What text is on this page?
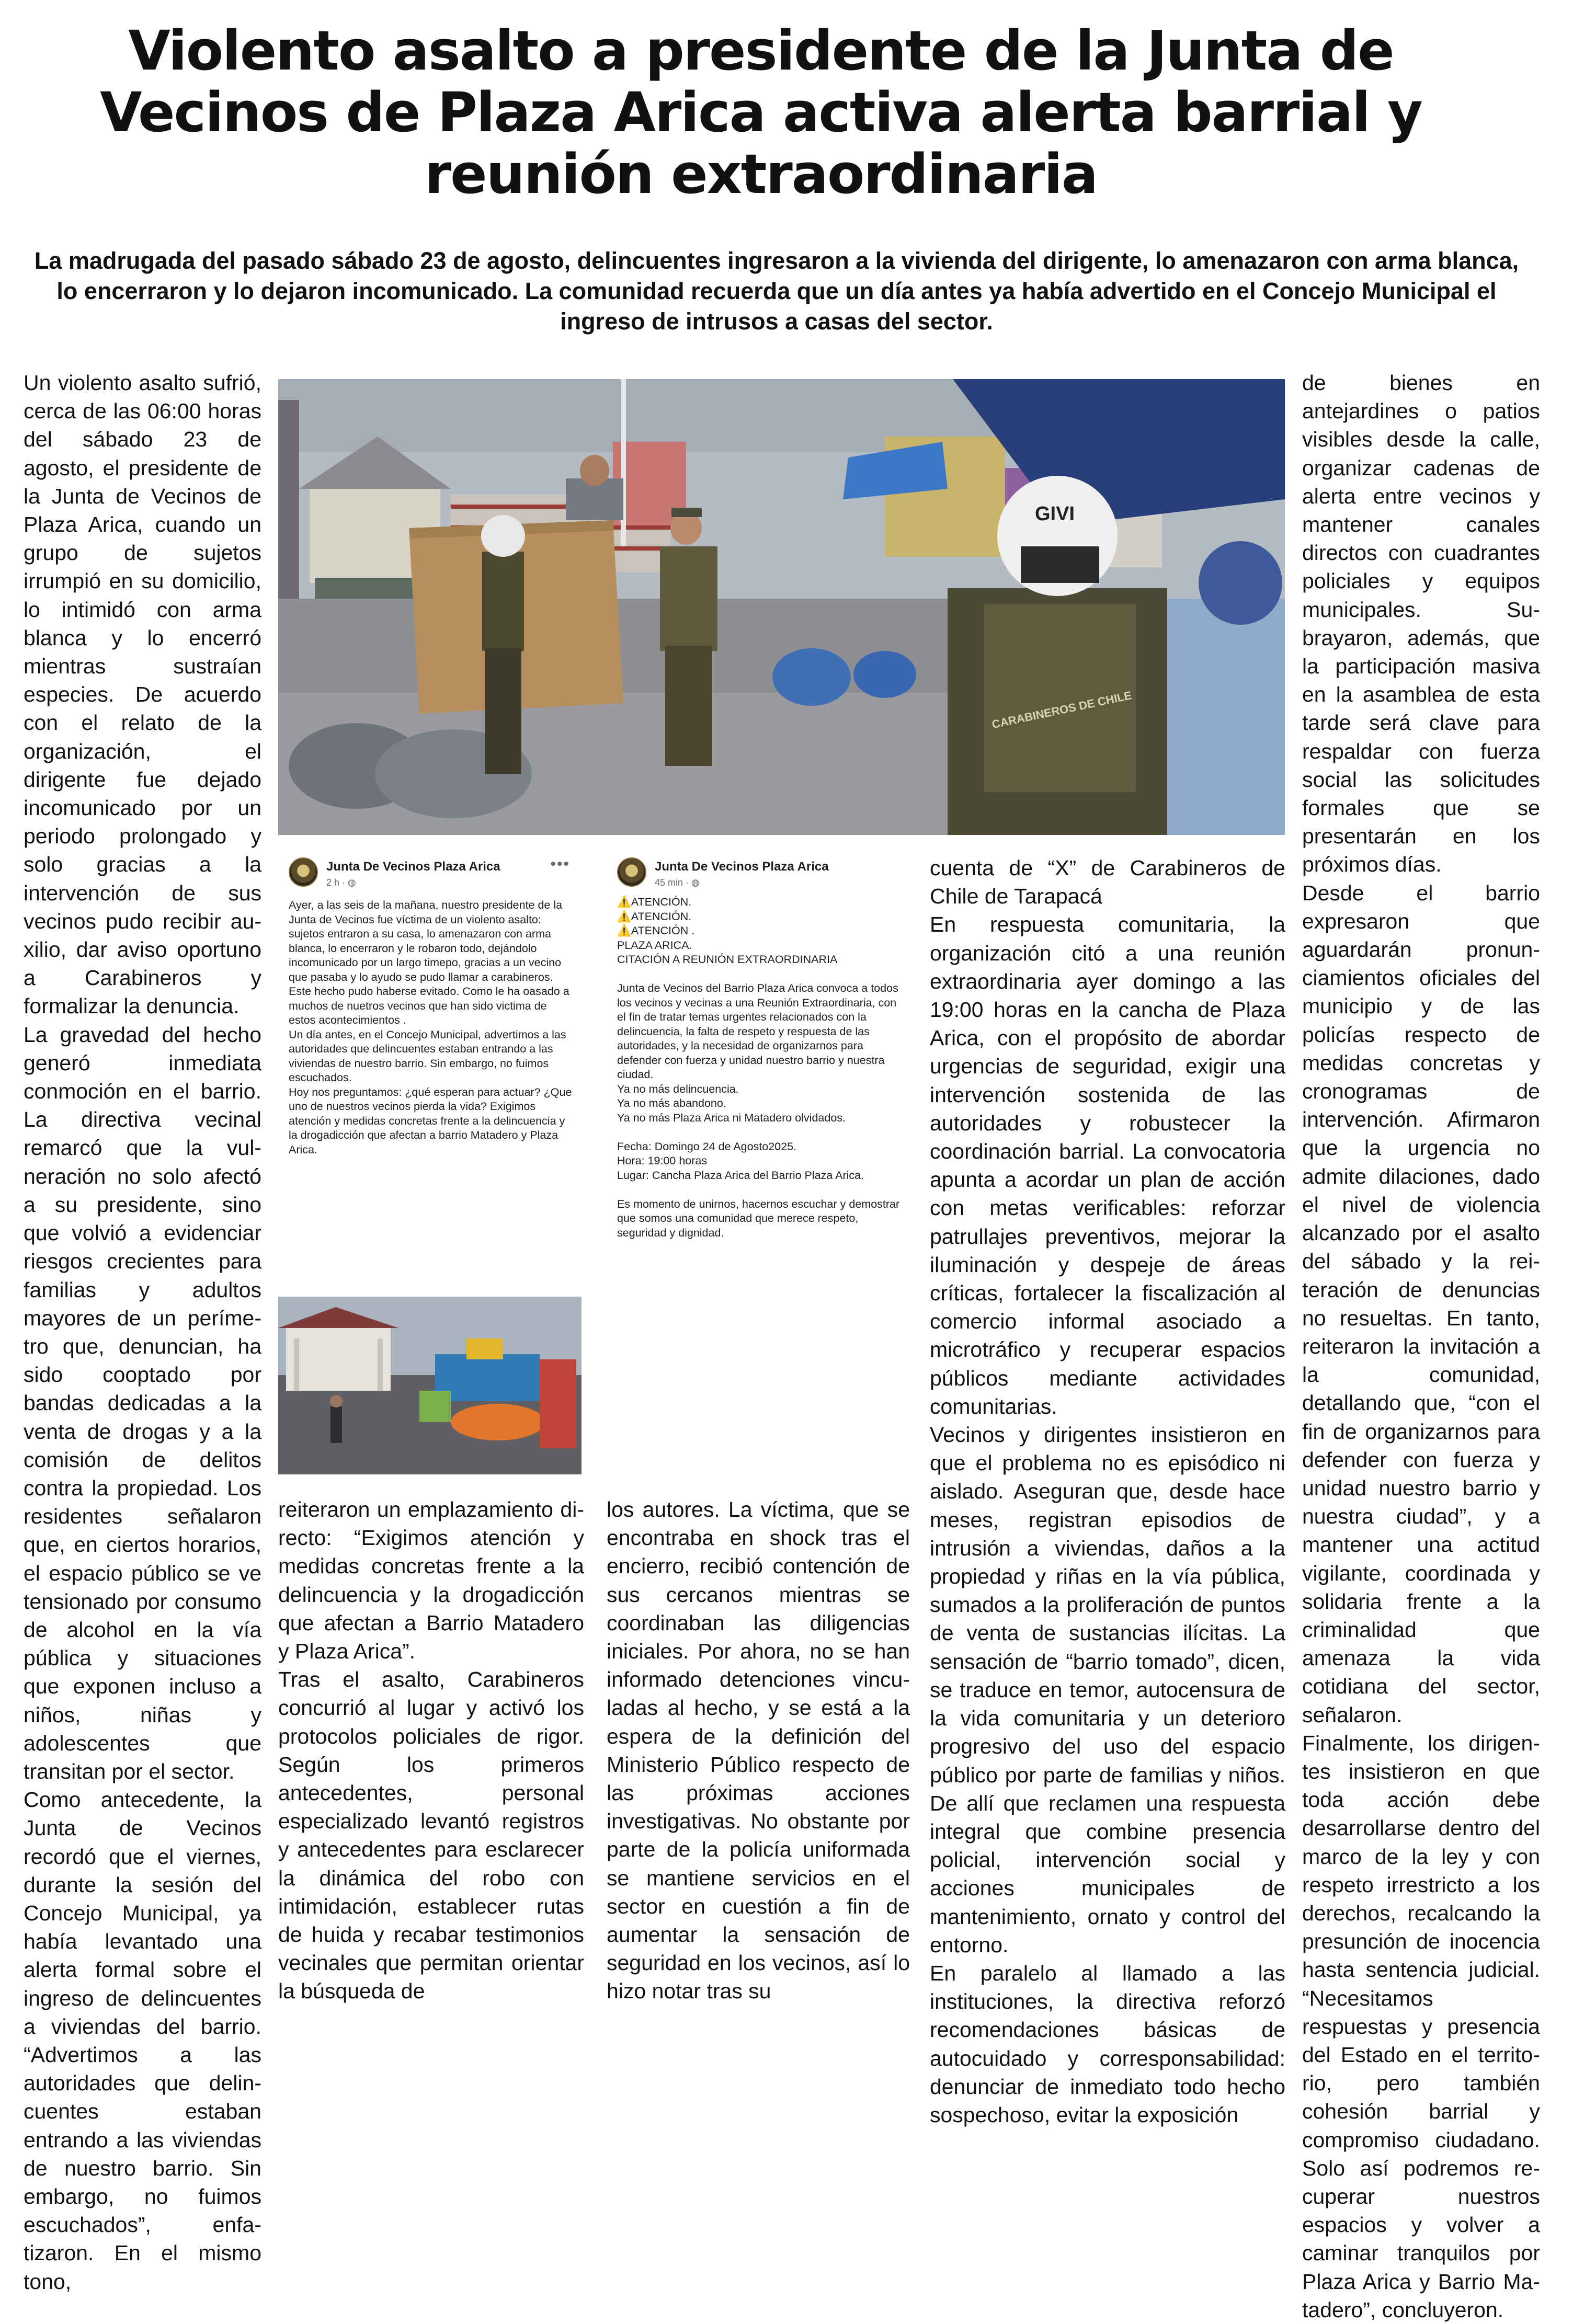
Violento asalto a presidente de la Junta de Vecinos de Plaza Arica activa alerta barrial y reunión extraordinaria

La madrugada del pasado sábado 23 de agosto, delincuentes ingresaron a la vivienda del dirigente, lo amenazaron con arma blanca, lo encerraron y lo dejaron incomunicado. La comunidad recuerda que un día antes ya había advertido en el Concejo Municipal el ingreso de intrusos a casas del sector.

Un violento asalto sufrió, cerca de las 06:00 horas del sábado 23 de agosto, el presidente de la Junta de Vecinos de Plaza Arica, cuando un grupo de sujetos irrumpió en su domicilio, lo intimidó con arma blanca y lo encerró mientras sustraían especies. De acuerdo con el relato de la organización, el dirigente fue dejado incomunicado por un periodo prolongado y solo gracias a la intervención de sus vecinos pudo recibir auxilio, dar aviso oportuno a Carabineros y formalizar la denuncia.
La gravedad del hecho generó inmediata conmoción en el barrio. La directiva vecinal remarcó que la vulneración no solo afectó a su presidente, sino que volvió a evidenciar riesgos crecientes para familias y adultos mayores de un perímetro que, denuncian, ha sido cooptado por bandas dedicadas a la venta de drogas y a la comisión de delitos contra la propiedad. Los residentes señalaron que, en ciertos horarios, el espacio público se ve tensionado por consumo de alcohol en la vía pública y situaciones que exponen incluso a niños, niñas y adolescentes que transitan por el sector.
Como antecedente, la Junta de Vecinos recordó que el viernes, durante la sesión del Concejo Municipal, ya había levantado una alerta formal sobre el ingreso de delincuentes a viviendas del barrio. “Advertimos a las autoridades que delincuentes estaban entrando a las viviendas de nuestro barrio. Sin embargo, no fuimos escuchados”, enfatizaron. En el mismo tono,
GIVI
CARABINEROS DE CHILE
Junta De Vecinos Plaza Arica
2 h · ◍
•••
Ayer, a las seis de la mañana, nuestro presidente de la Junta de Vecinos fue víctima de un violento asalto: sujetos entraron a su casa, lo amenazaron con arma blanca, lo encerraron y le robaron todo, dejándolo incomunicado por un largo timepo, gracias a un vecino que pasaba y lo ayudo se pudo llamar a carabineros.
Este hecho pudo haberse evitado. Como le ha oasado a muchos de nuetros vecinos que han sido victima de estos acontecimientos .
Un día antes, en el Concejo Municipal, advertimos a las autoridades que delincuentes estaban entrando a las viviendas de nuestro barrio. Sin embargo, no fuimos escuchados.
Hoy nos preguntamos: ¿qué esperan para actuar? ¿Que uno de nuestros vecinos pierda la vida? Exigimos atención y medidas concretas frente a la delincuencia y la drogadicción que afectan a barrio Matadero y Plaza Arica.
Junta De Vecinos Plaza Arica
45 min · ◍
⚠️ATENCIÓN.
⚠️ATENCIÓN.
⚠️ATENCIÓN .
PLAZA ARICA.
CITACIÓN A REUNIÓN EXTRAORDINARIA

Junta de Vecinos del Barrio Plaza Arica convoca a todos los vecinos y vecinas a una Reunión Extraordinaria, con el fin de tratar temas urgentes relacionados con la delincuencia, la falta de respeto y respuesta de las autoridades, y la necesidad de organizarnos para defender con fuerza y unidad nuestro barrio y nuestra ciudad.
Ya no más delincuencia.
Ya no más abandono.
Ya no más Plaza Arica ni Matadero olvidados.

Fecha: Domingo 24 de Agosto2025.
Hora: 19:00 horas
Lugar: Cancha Plaza Arica del Barrio Plaza Arica.

Es momento de unirnos, hacernos escuchar y demostrar que somos una comunidad que merece respeto, seguridad y dignidad.
reiteraron un emplazamiento directo: “Exigimos atención y medidas concretas frente a la delincuencia y la drogadicción que afectan a Barrio Matadero y Plaza Arica”.
Tras el asalto, Carabineros concurrió al lugar y activó los protocolos policiales de rigor. Según los primeros antecedentes, personal especializado levantó registros y antecedentes para esclarecer la dinámica del robo con intimidación, establecer rutas de huida y recabar testimonios vecinales que permitan orientar la búsqueda de
los autores. La víctima, que se encontraba en shock tras el encierro, recibió contención de sus cercanos mientras se coordinaban las diligencias iniciales. Por ahora, no se han informado detenciones vinculadas al hecho, y se está a la espera de la definición del Ministerio Público respecto de las próximas acciones investigativas. No obstante por parte de la policía uniformada se mantiene servicios en el sector en cuestión a fin de aumentar la sensación de seguridad en los vecinos, así lo hizo notar tras su
cuenta de “X” de Carabineros de Chile de Tarapacá
En respuesta comunitaria, la organización citó a una reunión extraordinaria ayer domingo a las 19:00 horas en la cancha de Plaza Arica, con el propósito de abordar urgencias de seguridad, exigir una intervención sostenida de las autoridades y robustecer la coordinación barrial. La convocatoria apunta a acordar un plan de acción con metas verificables: reforzar patrullajes preventivos, mejorar la iluminación y despeje de áreas críticas, fortalecer la fiscalización al comercio informal asociado a microtráfico y recuperar espacios públicos mediante actividades comunitarias.
Vecinos y dirigentes insistieron en que el problema no es episódico ni aislado. Aseguran que, desde hace meses, registran episodios de intrusión a viviendas, daños a la propiedad y riñas en la vía pública, sumados a la proliferación de puntos de venta de sustancias ilícitas. La sensación de “barrio tomado”, dicen, se traduce en temor, autocensura de la vida comunitaria y un deterioro progresivo del uso del espacio público por parte de familias y niños. De allí que reclamen una respuesta integral que combine presencia policial, intervención social y acciones municipales de mantenimiento, ornato y control del entorno.
En paralelo al llamado a las instituciones, la directiva reforzó recomendaciones básicas de autocuidado y corresponsabilidad: denunciar de inmediato todo hecho sospechoso, evitar la exposición
de bienes en antejardines o patios visibles desde la calle, organizar cadenas de alerta entre vecinos y mantener canales directos con cuadrantes policiales y equipos municipales. Subrayaron, además, que la participación masiva en la asamblea de esta tarde será clave para respaldar con fuerza social las solicitudes formales que se presentarán en los próximos días.
Desde el barrio expresaron que aguardarán pronunciamientos oficiales del municipio y de las policías respecto de medidas concretas y cronogramas de intervención. Afirmaron que la urgencia no admite dilaciones, dado el nivel de violencia alcanzado por el asalto del sábado y la reiteración de denuncias no resueltas. En tanto, reiteraron la invitación a la comunidad, detallando que, “con el fin de organizarnos para defender con fuerza y unidad nuestro barrio y nuestra ciudad”, y a mantener una actitud vigilante, coordinada y solidaria frente a la criminalidad que amenaza la vida cotidiana del sector, señalaron.
Finalmente, los dirigentes insistieron en que toda acción debe desarrollarse dentro del marco de la ley y con respeto irrestricto a los derechos, recalcando la presunción de inocencia hasta sentencia judicial. “Necesitamos respuestas y presencia del Estado en el territorio, pero también cohesión barrial y compromiso ciudadano. Solo así podremos recuperar nuestros espacios y volver a caminar tranquilos por Plaza Arica y Barrio Matadero”, concluyeron.
